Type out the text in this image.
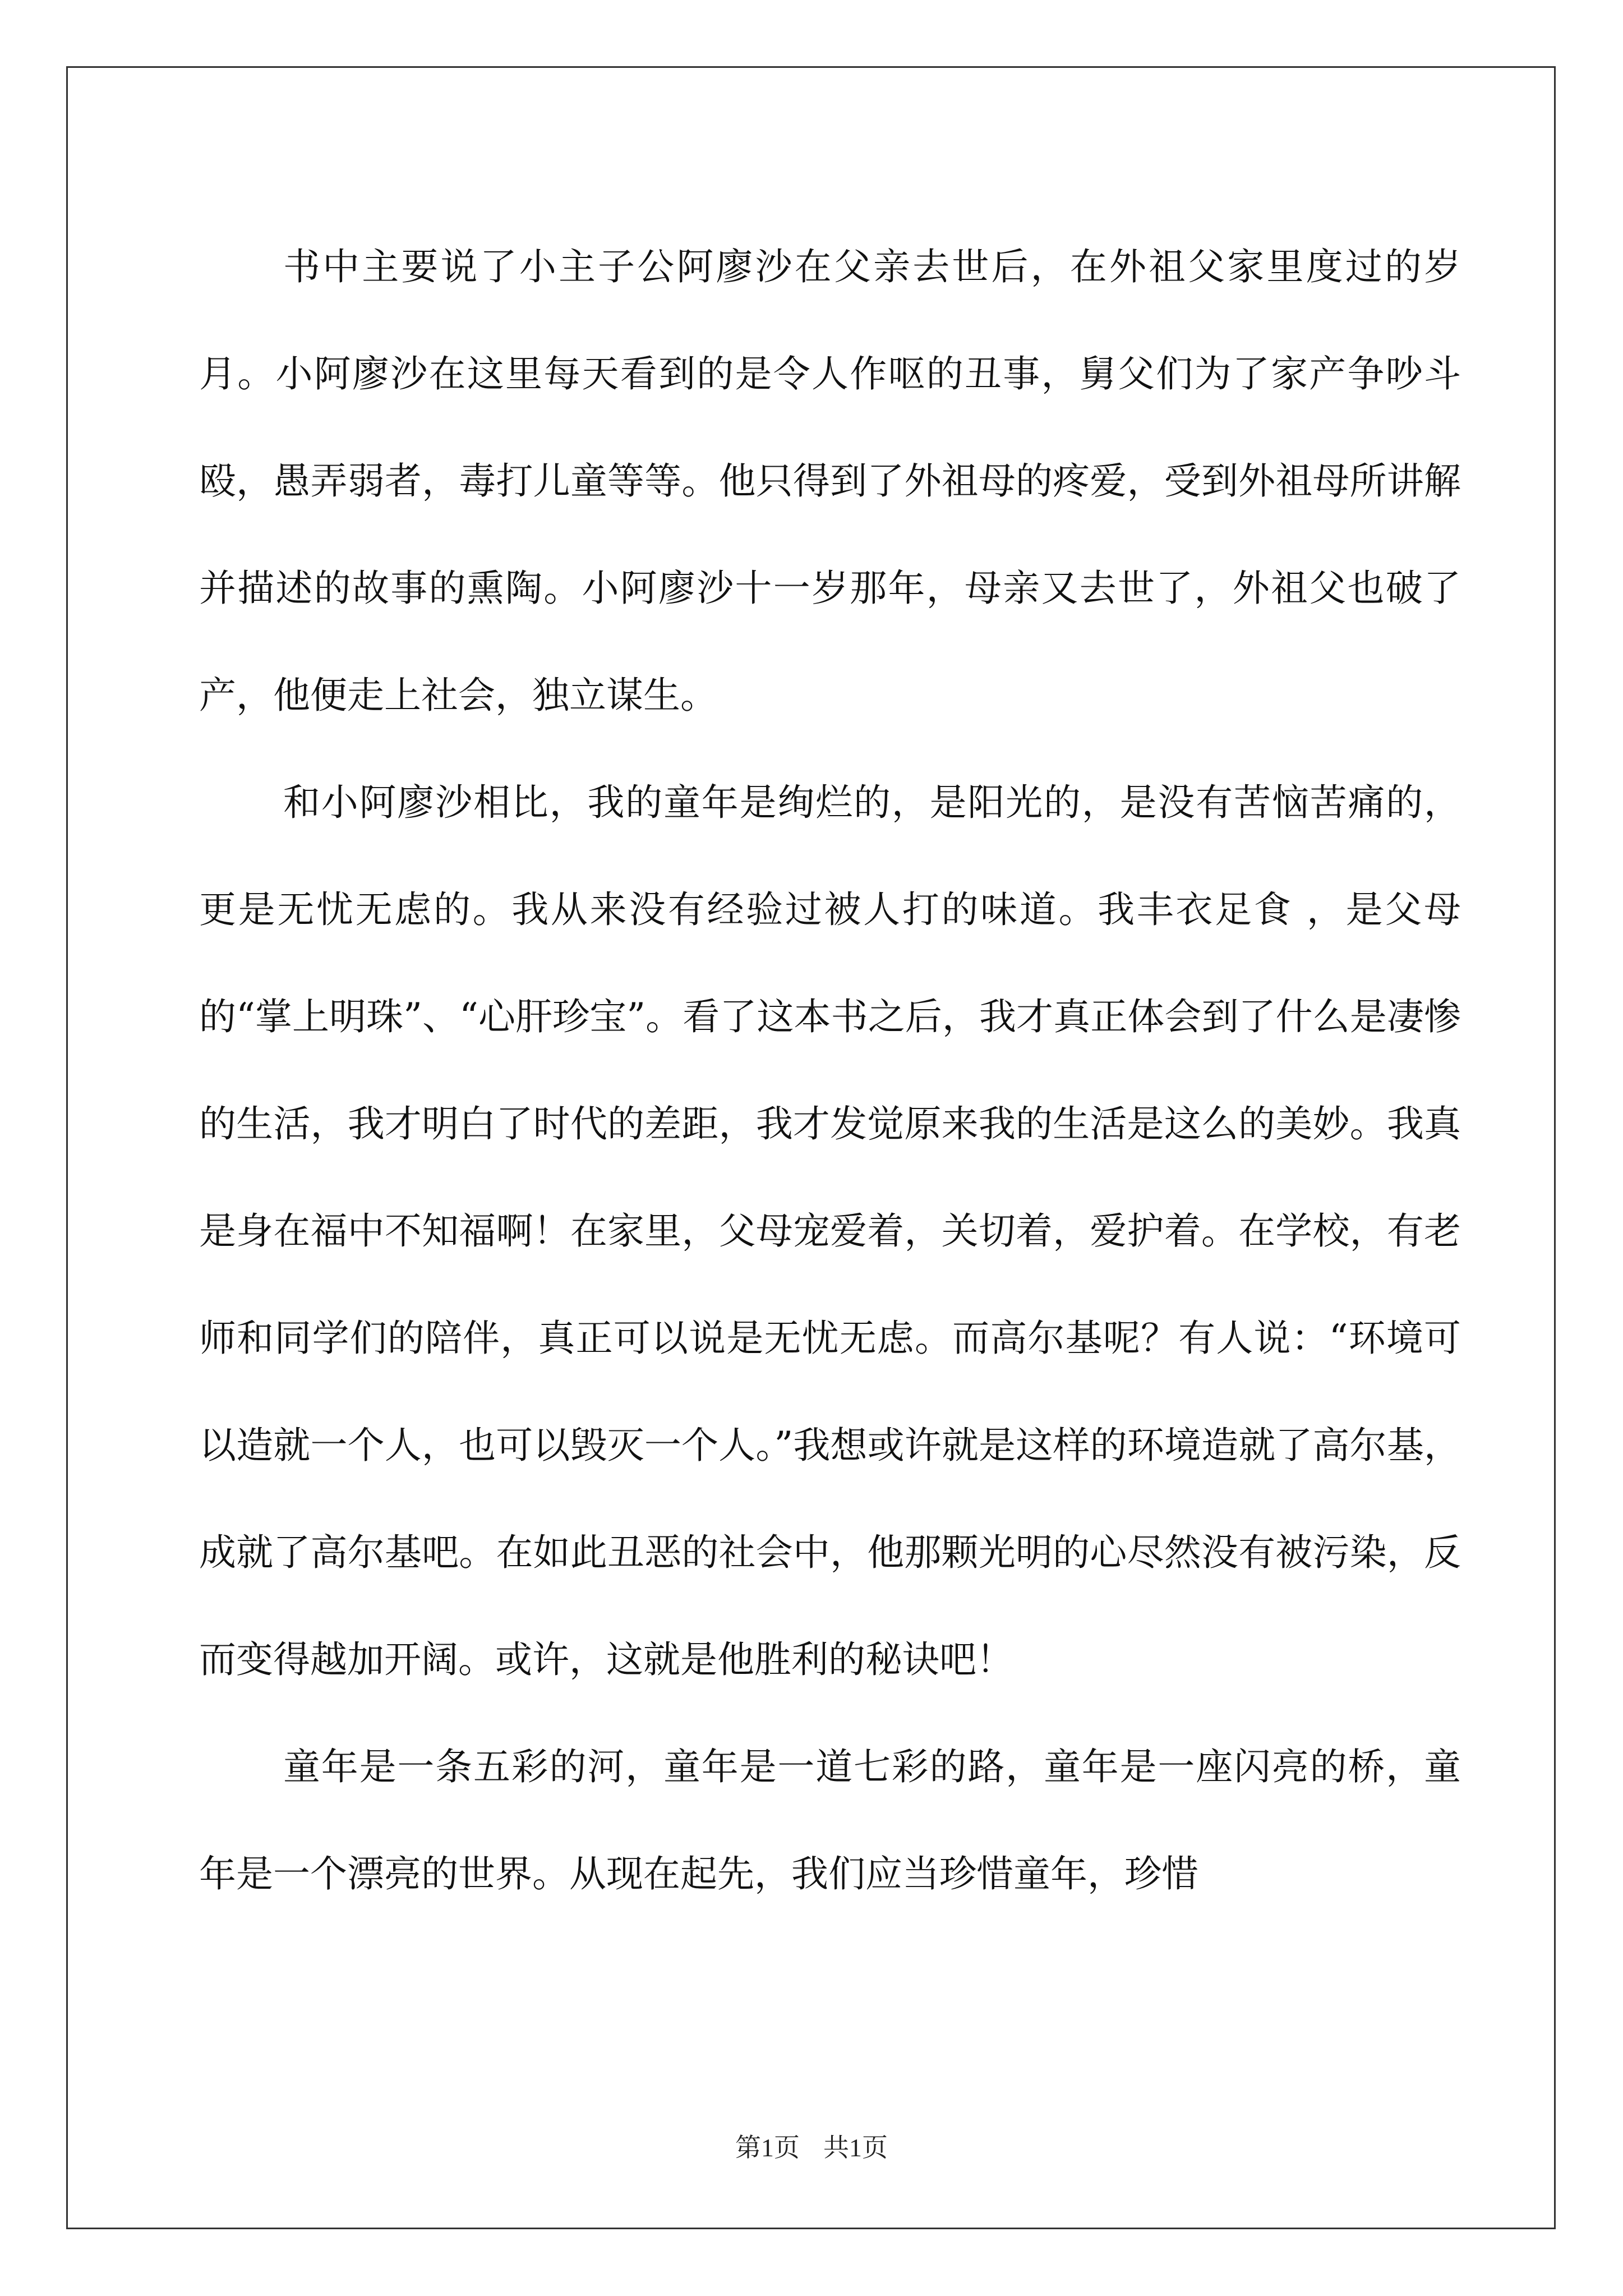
书中主要说了小主子公阿廖沙在父亲去世后，在外祖父家里度过的岁月。小阿廖沙在这里每天看到的是令人作呕的丑事，舅父们为了家产争吵斗殴，愚弄弱者，毒打儿童等等。他只得到了外祖母的疼爱，受到外祖母所讲解并描述的故事的熏陶。小阿廖沙十一岁那年，母亲又去世了，外祖父也破了产，他便走上社会，独立谋生。

和小阿廖沙相比，我的童年是绚烂的，是阳光的，是没有苦恼苦痛的，更是无忧无虑的。我从来没有经验过被人打的味道。我丰衣足食 ，是父母的“掌上明珠”、“心肝珍宝”。看了这本书之后，我才真正体会到了什么是凄惨的生活，我才明白了时代的差距，我才发觉原来我的生活是这么的美妙。我真是身在福中不知福啊！在家里，父母宠爱着，关切着，爱护着。在学校，有老师和同学们的陪伴，真正可以说是无忧无虑。而高尔基呢？有人说：“环境可以造就一个人，也可以毁灭一个人。”我想或许就是这样的环境造就了高尔基，成就了高尔基吧。在如此丑恶的社会中，他那颗光明的心尽然没有被污染，反而变得越加开阔。或许，这就是他胜利的秘诀吧！

童年是一条五彩的河，童年是一道七彩的路，童年是一座闪亮的桥，童年是一个漂亮的世界。从现在起先，我们应当珍惜童年，珍惜

第1页 共1页
